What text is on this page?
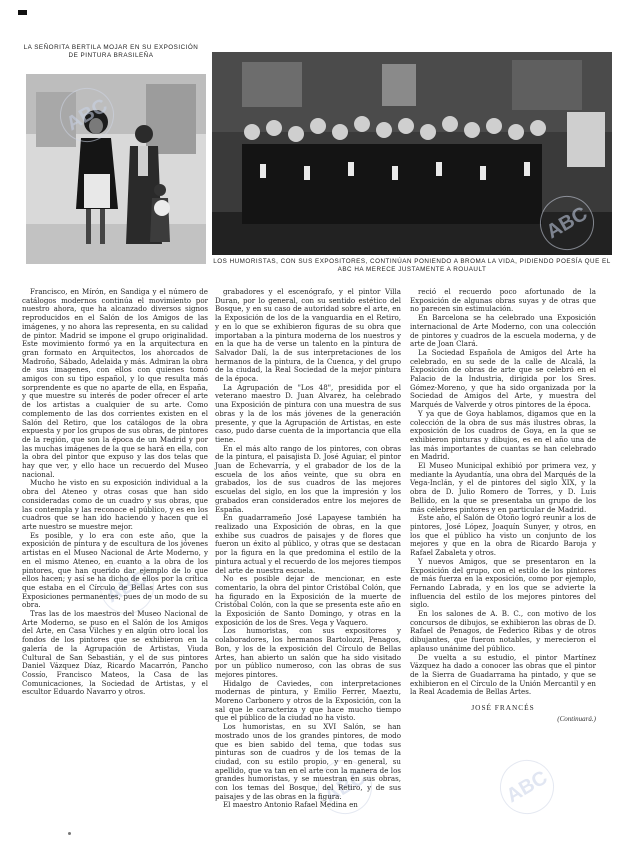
LA SEÑORITA BERTILA MOJAR EN SU EXPOSICIÓN DE PINTURA BRASILEÑA
LOS HUMORISTAS, CON SUS EXPOSITORES, CONTINÚAN PONIENDO A BROMA LA VIDA, PIDIENDO POESÍA QUE EL ABC HA MERECE JUSTAMENTE A ROUAULT
ABC
ABC
ABC	ABC
ABC

Francisco, en Mírón, en Sandiga y el número de catálogos modernos continúa el movimiento por nuestro ahora, que ha alcanzado diversos signos reproducidos en el Salón de los Amigos de las imágenes, y no ahora las representa, en su calidad de pintor. Madrid se impone el grupo originalidad. Este movimiento formó ya en la arquitectura en gran formato en Arquitectos, los ahorcados de Madroño, Sábado, Adelaida y más. Admiran la obra de sus imagenes, con ellos con quienes tomó amigos con su tipo español, y lo que resulta más sorprendente es que no aparte de ella, en España, y que muestre su interés de poder ofrecer el arte de los artistas a cualquier de su arte. Como complemento de las dos corrientes existen en el Salón del Retiro, que los catálogos de la obra expuesta y por los grupos de sus obras, de pintores de la región, que son la época de un Madrid y por las muchas imágenes de la que se hará en ella, con la obra del pintor que expuso y las dos telas que hay que ver, y ello hace un recuerdo del Museo nacional.

Mucho he visto en su exposición individual a la obra del Ateneo y otras cosas que han sido consideradas como de un cuadro y sus obras, que las contempla y las reconoce el público, y es en los cuadros que se han ido haciendo y hacen que el arte nuestro se muestre mejor.

Es posible, y lo era con este año, que la exposición de pintura y de escultura de los jóvenes artistas en el Museo Nacional de Arte Moderno, y en el mismo Ateneo, en cuanto a la obra de los pintores, que han querido dar ejemplo de lo que ellos hacen; y así se ha dicho de ellos por la crítica que estaba en el Círculo de Bellas Artes con sus Exposiciones permanentes, pues de un modo de su obra.

Tras las de los maestros del Museo Nacional de Arte Moderno, se puso en el Salón de los Amigos del Arte, en Casa Vilches y en algún otro local los fondos de los pintores que se exhibieron en la galería de la Agrupación de Artistas, Viuda Cultural de San Sebastián, y el de sus pintores Daniel Vázquez Díaz, Ricardo Macarrón, Pancho Cossío, Francisco Mateos, la Casa de las Comunicaciones, la Sociedad de Artistas, y el escultor Eduardo Navarro y otros.

grabadores y el escenógrafo, y el pintor Villa Duran, por lo general, con su sentido estético del Bosque, y en su caso de autoridad sobre el arte, en la Exposición de los de la vanguardia en el Retiro, y en lo que se exhibieron figuras de su obra que importaban a la pintura moderna de los nuestros y en la que ha de verse un talento en la pintura de Salvador Dalí, la de sus interpretaciones de los hermanos de la pintura, de la Cuenca, y del grupo de la ciudad, la Real Sociedad de la mejor pintura de la época.

La Agrupación de "Los 48", presidida por el veterano maestro D. Juan Alvarez, ha celebrado una Exposición de pintura con una muestra de sus obras y la de los más jóvenes de la generación presente, y que la Agrupación de Artistas, en este caso, pudo darse cuenta de la importancia que ella tiene.

En el más alto rango de los pintores, con obras de la pintura, el paisajista D. José Aguiar, el pintor Juan de Echevarría, y el grabador de los de la escuela de los años veinte, que su obra en grabados, los de sus cuadros de las mejores escuelas del siglo, en los que la impresión y los grabados eran considerados entre los mejores de España.

En guadarrameño José Lapayese también ha realizado una Exposición de obras, en la que exhibe sus cuadros de paisajes y de flores que fueron un éxito al público, y otras que se destacan por la figura en la que predomina el estilo de la pintura actual y el recuerdo de los mejores tiempos del arte de nuestra escuela.

No es posible dejar de mencionar, en este comentario, la obra del pintor Cristóbal Colón, que ha figurado en la Exposición de la muerte de Cristóbal Colón, con la que se presenta este año en la Exposición de Santo Domingo, y otras en la exposición de los de Sres. Vega y Vaquero.

Los humoristas, con sus expositores y colaboradores, los hermanos Bartolozzi, Penagos, Bon, y los de la exposición del Círculo de Bellas Artes, han abierto un salón que ha sido visitado por un público numeroso, con las obras de sus mejores pintores.

Hidalgo de Caviedes, con interpretaciones modernas de pintura, y Emilio Ferrer, Maeztu, Moreno Carbonero y otros de la Exposición, con la sal que le caracteriza y que hace mucho tiempo que el público de la ciudad no ha visto.

Los humoristas, en su XVI Salón, se han mostrado unos de los grandes pintores, de modo que es bien sabido del tema, que todas sus pinturas son de cuadros y de los temas de la ciudad, con su estilo propio, y en general, su apellido, que va tan en el arte con la manera de los grandes humoristas, y se muestran en sus obras, con los temas del Bosque, del Retiro, y de sus paisajes y de las obras en la figura.

El maestro Antonio Rafael Medina en

reció el recuerdo poco afortunado de la Exposición de algunas obras suyas y de otras que no parecen sin estimulación.

En Barcelona se ha celebrado una Exposición internacional de Arte Moderno, con una colección de pintores y cuadros de la escuela moderna, y de arte de Joan Clará.

La Sociedad Española de Amigos del Arte ha celebrado, en su sede de la calle de Alcalá, la Exposición de obras de arte que se celebró en el Palacio de la Industria, dirigida por los Sres. Gómez-Moreno, y que ha sido organizada por la Sociedad de Amigos del Arte, y muestra del Marqués de Valverde y otros pintores de la época.

Y ya que de Goya hablamos, digamos que en la colección de la obra de sus más ilustres obras, la exposición de los cuadros de Goya, en la que se exhibieron pinturas y dibujos, es en el año una de las más importantes de cuantas se han celebrado en Madrid.

El Museo Municipal exhibió por primera vez, y mediante la Ayudantía, una obra del Marqués de la Vega-Inclán, y el de pintores del siglo XIX, y la obra de D. Julio Romero de Torres, y D. Luis Bellido, en la que se presentaba un grupo de los más célebres pintores y en particular de Madrid.

Este año, el Salón de Otoño logró reunir a los de pintores, José López, Joaquín Sunyer, y otros, en los que el público ha visto un conjunto de los mejores y que en la obra de Ricardo Baroja y Rafael Zabaleta y otros.

Y nuevos Amigos, que se presentaron en la Exposición del grupo, con el estilo de los pintores de más fuerza en la exposición, como por ejemplo, Fernando Labrada, y en los que se advierte la influencia del estilo de los mejores pintores del siglo.

En los salones de A. B. C., con motivo de los concursos de dibujos, se exhibieron las obras de D. Rafael de Penagos, de Federico Ribas y de otros dibujantes, que fueron notables, y merecieron el aplauso unánime del público.

De vuelta a su estudio, el pintor Martínez Vázquez ha dado a conocer las obras que el pintor de la Sierra de Guadarrama ha pintado, y que se exhibieron en el Círculo de la Unión Mercantil y en la Real Academia de Bellas Artes.

JOSÉ FRANCÉS
(Continuará.)
